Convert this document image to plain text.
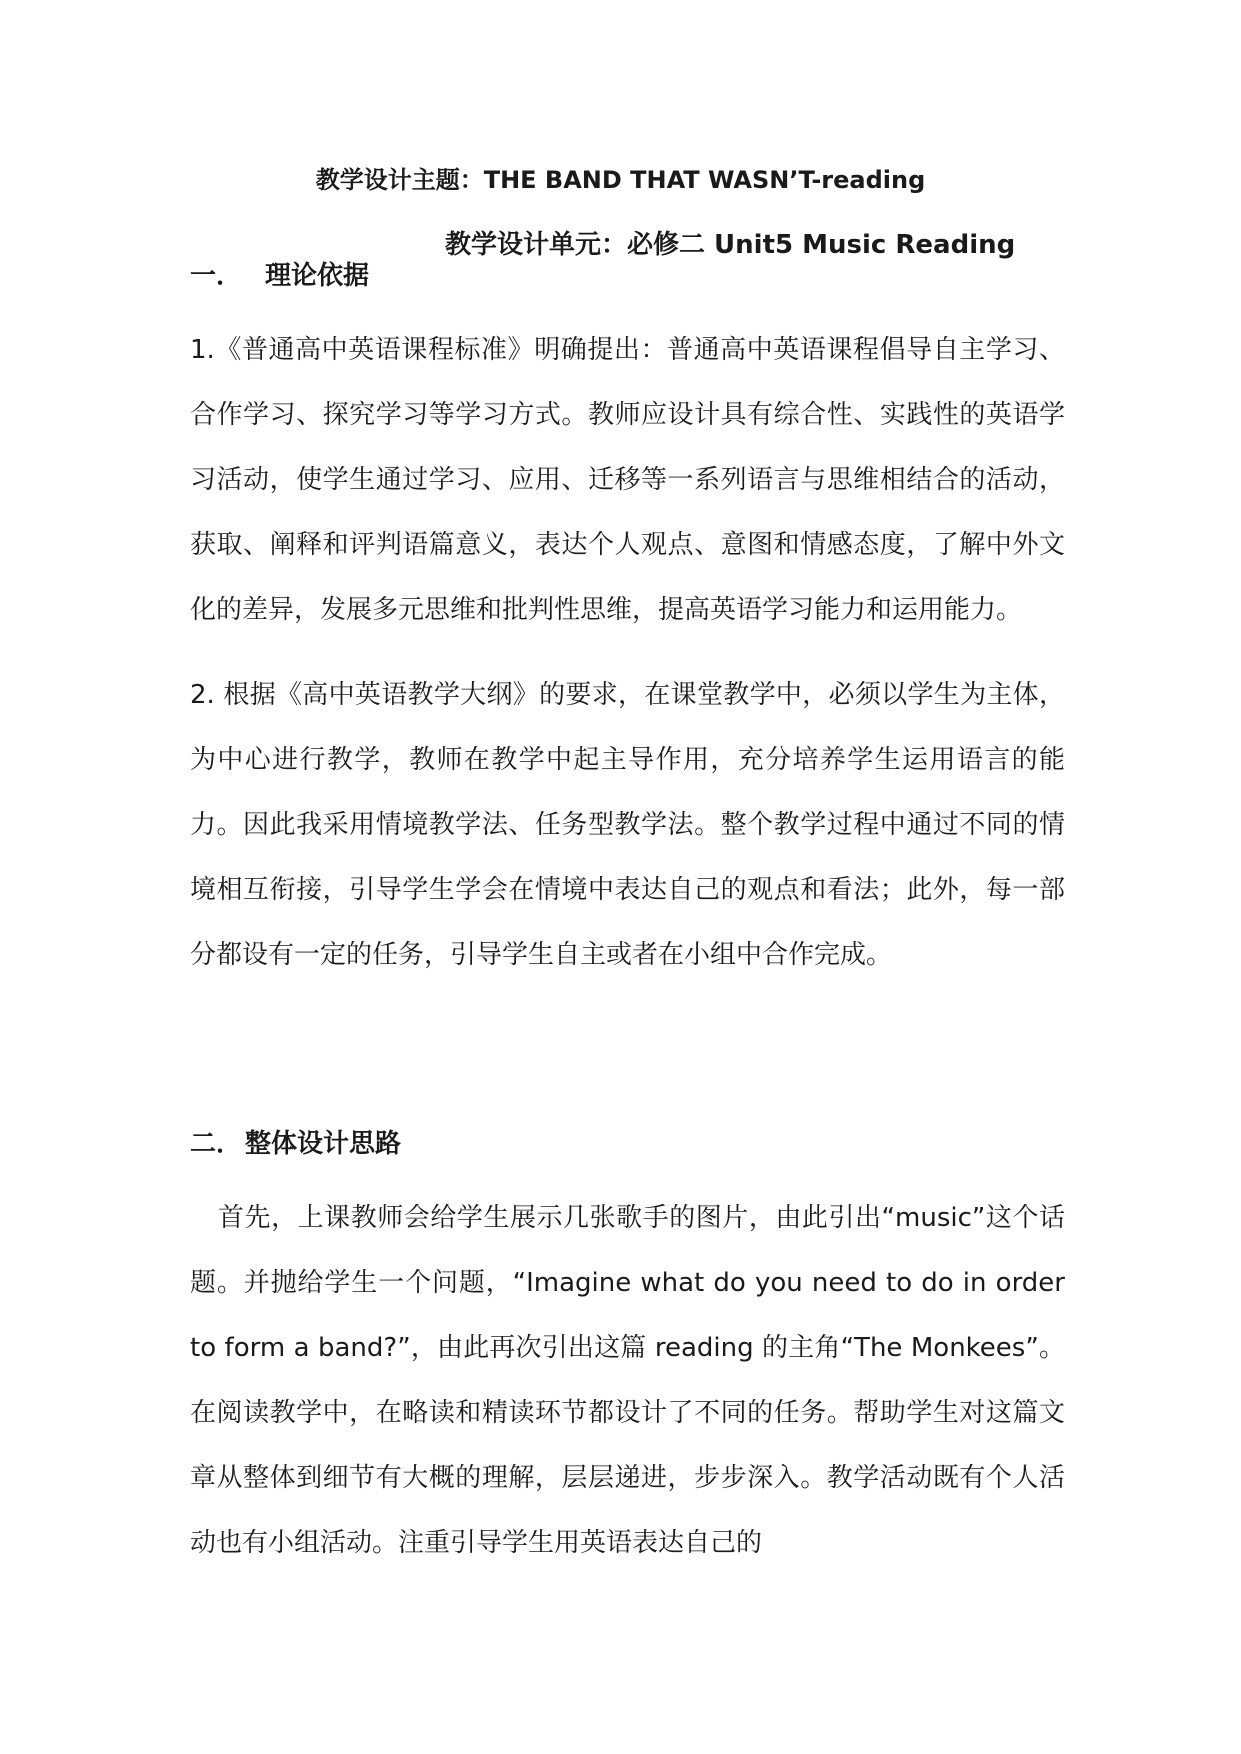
教学设计主题：THE BAND THAT WASN’T-reading
教学设计单元：必修二 Unit5 Music Reading
一． 理论依据

1.《普通高中英语课程标准》明确提出：普通高中英语课程倡导自主学习、合作学习、探究学习等学习方式。教师应设计具有综合性、实践性的英语学习活动，使学生通过学习、应用、迁移等一系列语言与思维相结合的活动，获取、阐释和评判语篇意义，表达个人观点、意图和情感态度，了解中外文化的差异，发展多元思维和批判性思维，提高英语学习能力和运用能力。

2. 根据《高中英语教学大纲》的要求，在课堂教学中，必须以学生为主体，为中心进行教学，教师在教学中起主导作用，充分培养学生运用语言的能力。因此我采用情境教学法、任务型教学法。整个教学过程中通过不同的情境相互衔接，引导学生学会在情境中表达自己的观点和看法；此外，每一部分都设有一定的任务，引导学生自主或者在小组中合作完成。

二． 整体设计思路

首先，上课教师会给学生展示几张歌手的图片，由此引出“music”这个话题。并抛给学生一个问题，“Imagine what do you need to do in order to form a band?”，由此再次引出这篇 reading 的主角“The Monkees”。在阅读教学中，在略读和精读环节都设计了不同的任务。帮助学生对这篇文章从整体到细节有大概的理解，层层递进，步步深入。教学活动既有个人活动也有小组活动。注重引导学生用英语表达自己的
